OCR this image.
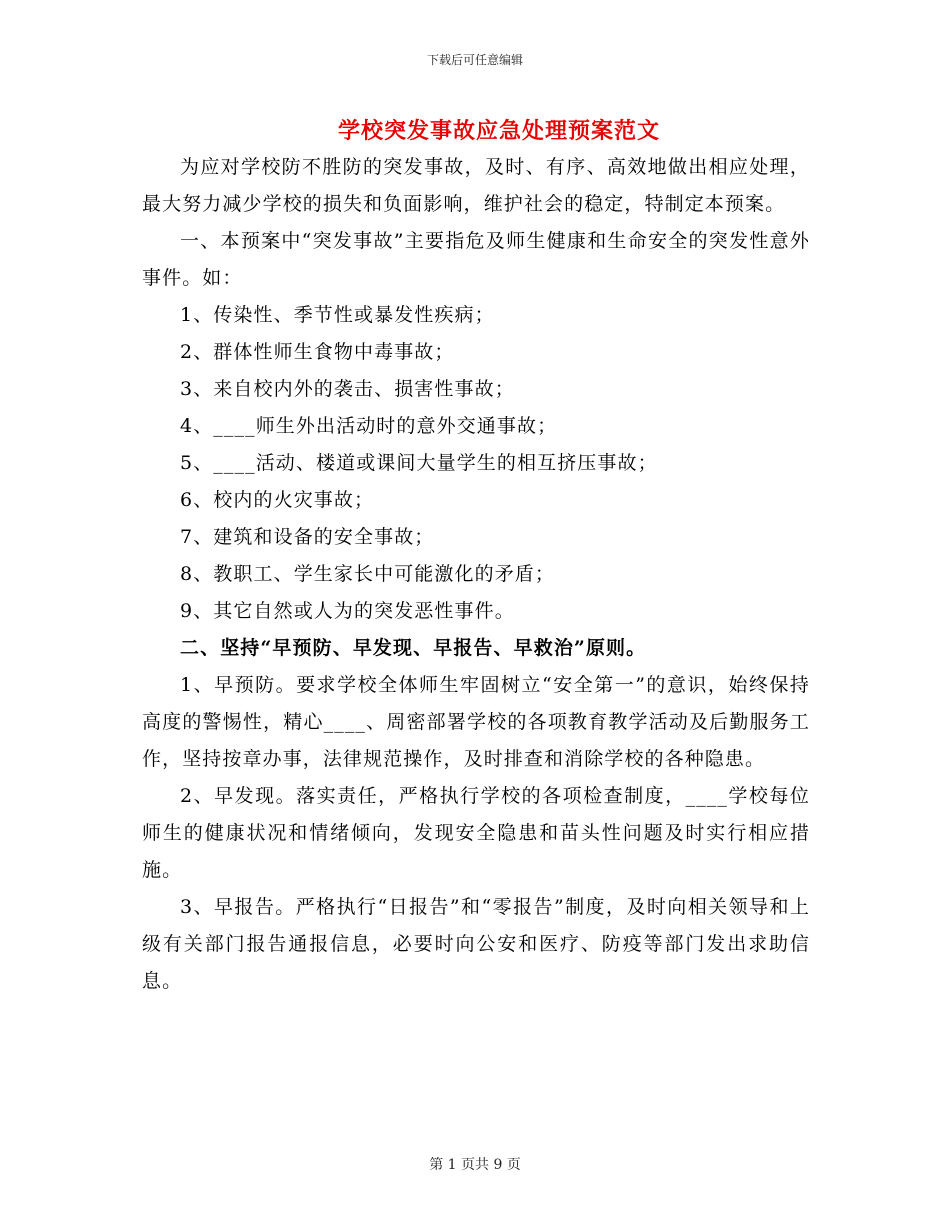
下载后可任意编辑
学校突发事故应急处理预案范文

为应对学校防不胜防的突发事故，及时、有序、高效地做出相应处理，最大努力减少学校的损失和负面影响，维护社会的稳定，特制定本预案。

一、本预案中“突发事故”主要指危及师生健康和生命安全的突发性意外事件。如：

1、传染性、季节性或暴发性疾病；

2、群体性师生食物中毒事故；

3、来自校内外的袭击、损害性事故；

4、____师生外出活动时的意外交通事故；

5、____活动、楼道或课间大量学生的相互挤压事故；

6、校内的火灾事故；

7、建筑和设备的安全事故；

8、教职工、学生家长中可能激化的矛盾；

9、其它自然或人为的突发恶性事件。

二、坚持“早预防、早发现、早报告、早救治”原则。

1、早预防。要求学校全体师生牢固树立“安全第一”的意识，始终保持高度的警惕性，精心____、周密部署学校的各项教育教学活动及后勤服务工作，坚持按章办事，法律规范操作，及时排查和消除学校的各种隐患。

2、早发现。落实责任，严格执行学校的各项检查制度，____学校每位师生的健康状况和情绪倾向，发现安全隐患和苗头性问题及时实行相应措施。

3、早报告。严格执行“日报告”和“零报告”制度，及时向相关领导和上级有关部门报告通报信息，必要时向公安和医疗、防疫等部门发出求助信息。

第 1 页共 9 页
